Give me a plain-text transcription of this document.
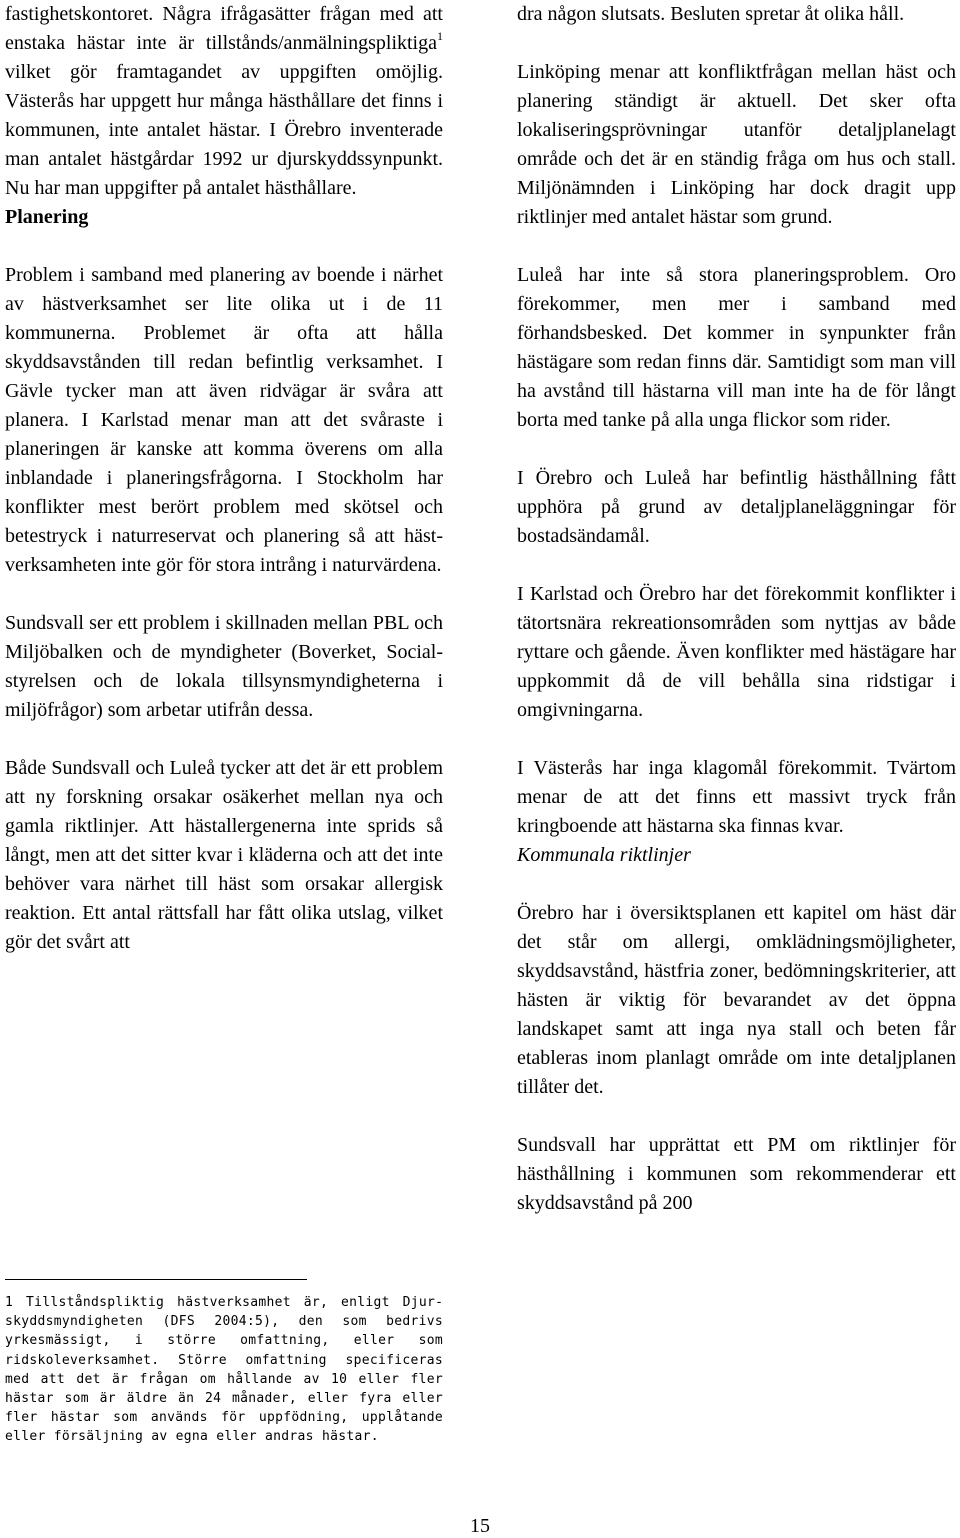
fastighetskontoret. Några ifrågasätter frågan med att enstaka hästar inte är tillstånds/anmälningspliktiga$^1$ vilket gör framtagandet av uppgiften omöjlig. Västerås har uppgett hur många hästhållare det finns i kommunen, inte antalet hästar. I Örebro inventerade man antalet hästgårdar 1992 ur djurskyddssynpunkt. Nu har man uppgifter på antalet hästhållare.

Planering

Problem i samband med planering av boende i närhet av hästverksamhet ser lite olika ut i de 11 kommunerna. Problemet är ofta att hålla skyddsavstånden till redan befintlig verksamhet. I Gävle tycker man att även ridvägar är svåra att planera. I Karlstad menar man att det svåraste i planeringen är kanske att komma överens om alla inblandade i planeringsfrågorna. I Stockholm har konflikter mest berört problem med skötsel och betestryck i naturreservat och planering så att hästverksamheten inte gör för stora intrång i naturvärdena.

Sundsvall ser ett problem i skillnaden mellan PBL och Miljöbalken och de myndigheter (Boverket, Social-styrelsen och de lokala tillsynsmyndigheterna i miljöfrågor) som arbetar utifrån dessa.

Både Sundsvall och Luleå tycker att det är ett problem att ny forskning orsakar osäkerhet mellan nya och gamla riktlinjer. Att hästallergenerna inte sprids så långt, men att det sitter kvar i kläderna och att det inte behöver vara närhet till häst som orsakar allergisk reaktion. Ett antal rättsfall har fått olika utslag, vilket gör det svårt att

1 Tillståndspliktig hästverksamhet är, enligt Djurskyddsmyndigheten (DFS 2004:5), den som bedrivs yrkesmässigt, i större omfattning, eller som ridskoleverksamhet. Större omfattning specificeras med att det är frågan om hållande av 10 eller fler hästar som är äldre än 24 månader, eller fyra eller fler hästar som används för uppfödning, upplåtande eller försäljning av egna eller andras hästar.

dra någon slutsats. Besluten spretar åt olika håll.

Linköping menar att konfliktfrågan mellan häst och planering ständigt är aktuell. Det sker ofta lokaliseringsprövningar utanför detaljplanelagt område och det är en ständig fråga om hus och stall. Miljönämnden i Linköping har dock dragit upp riktlinjer med antalet hästar som grund.

Luleå har inte så stora planeringsproblem. Oro förekommer, men mer i samband med förhandsbesked. Det kommer in synpunkter från hästägare som redan finns där. Samtidigt som man vill ha avstånd till hästarna vill man inte ha de för långt borta med tanke på alla unga flickor som rider.

I Örebro och Luleå har befintlig hästhållning fått upphöra på grund av detaljplaneläggningar för bostadsändamål.

I Karlstad och Örebro har det förekommit konflikter i tätortsnära rekreationsområden som nyttjas av både ryttare och gående. Även konflikter med hästägare har uppkommit då de vill behålla sina ridstigar i omgivningarna.

I Västerås har inga klagomål förekommit. Tvärtom menar de att det finns ett massivt tryck från kringboende att hästarna ska finnas kvar.

Kommunala riktlinjer

Örebro har i översiktsplanen ett kapitel om häst där det står om allergi, omklädningsmöjligheter, skyddsavstånd, hästfria zoner, bedömningskriterier, att hästen är viktig för bevarandet av det öppna landskapet samt att inga nya stall och beten får etableras inom planlagt område om inte detaljplanen tillåter det.

Sundsvall har upprättat ett PM om riktlinjer för hästhållning i kommunen som rekommenderar ett skyddsavstånd på 200

15
